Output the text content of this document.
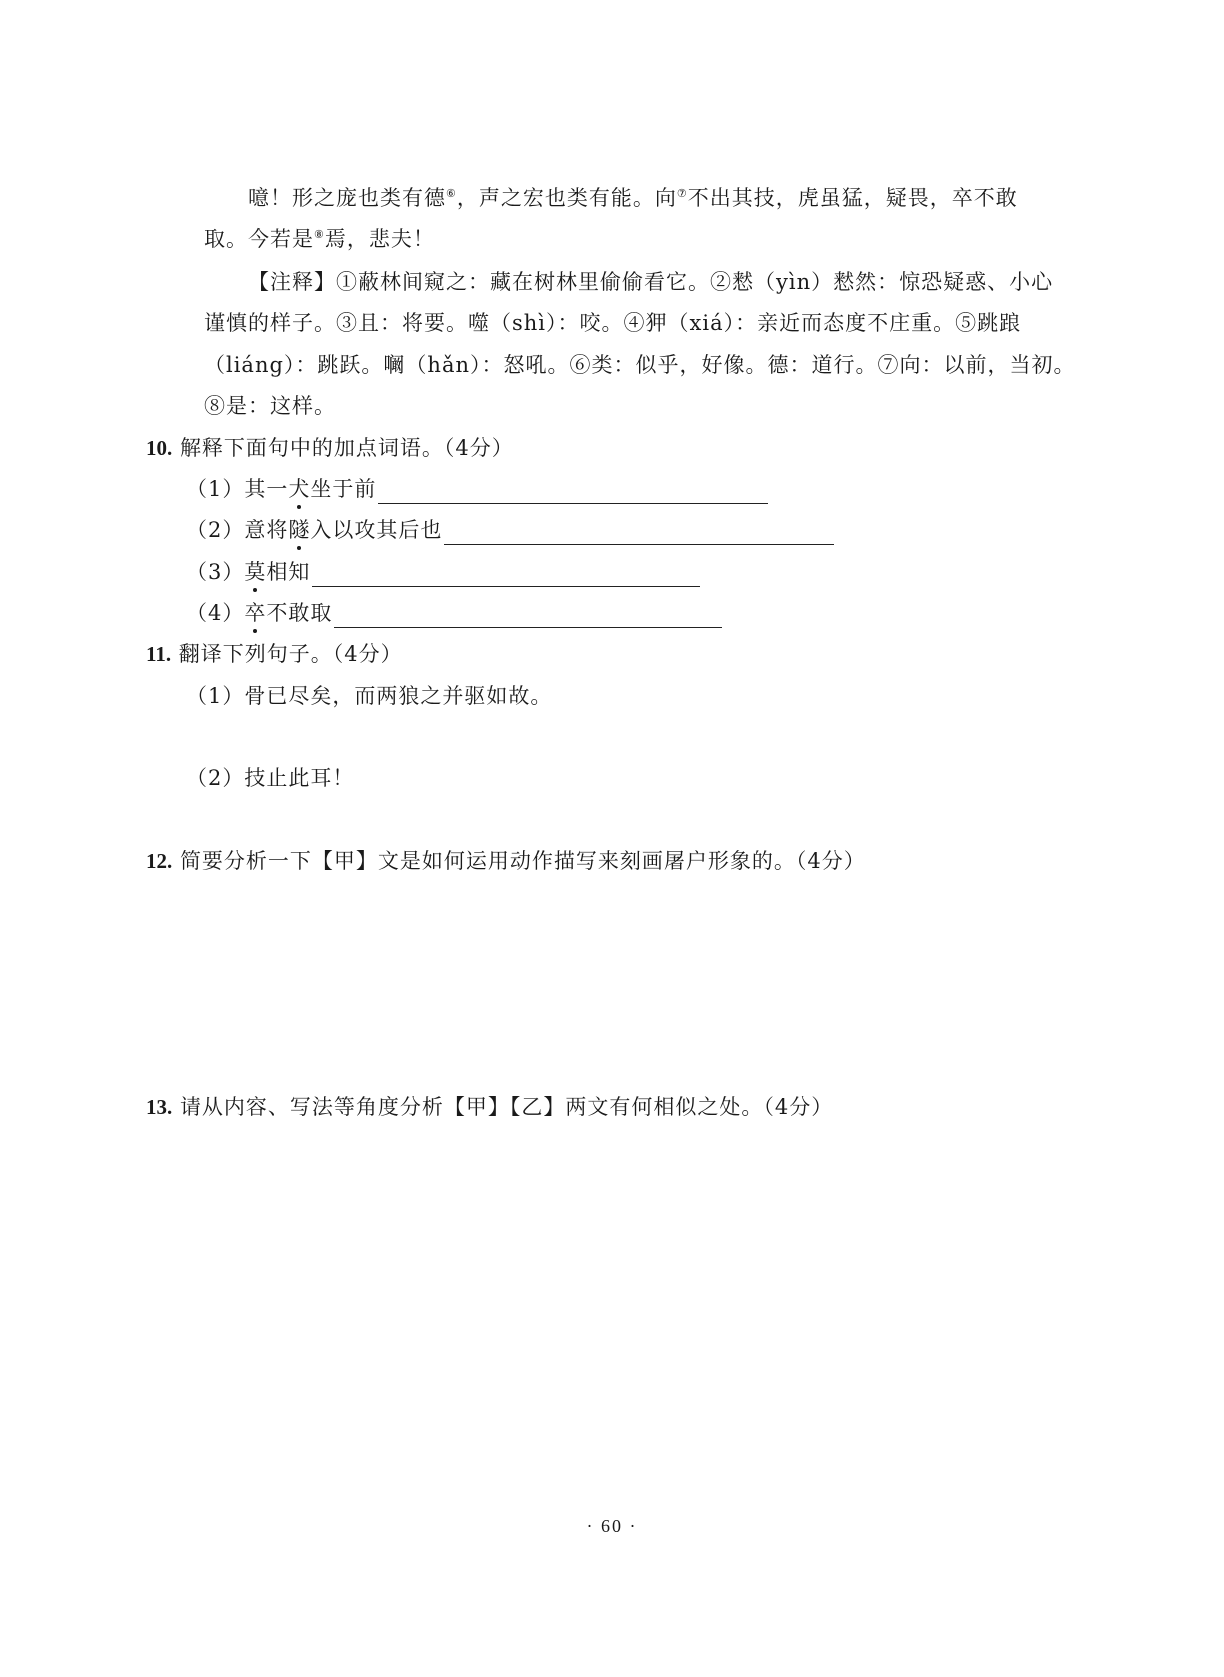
噫！形之庞也类有德⑥，声之宏也类有能。向⑦不出其技，虎虽猛，疑畏，卒不敢
取。今若是⑧焉，悲夫！
【注释】①蔽林间窥之：藏在树林里偷偷看它。②慭（yìn）慭然：惊恐疑惑、小心
谨慎的样子。③且：将要。噬（shì）：咬。④狎（xiá）：亲近而态度不庄重。⑤跳踉
（liáng）：跳跃。㘎（hǎn）：怒吼。⑥类：似乎，好像。德：道行。⑦向：以前，当初。
⑧是：这样。
10. 解释下面句中的加点词语。（4分）
（1）其一犬坐于前
（2）意将隧入以攻其后也
（3）莫相知
（4）卒不敢取
11. 翻译下列句子。（4分）
（1）骨已尽矣，而两狼之并驱如故。
（2）技止此耳！
12. 简要分析一下【甲】文是如何运用动作描写来刻画屠户形象的。（4分）
13. 请从内容、写法等角度分析【甲】【乙】两文有何相似之处。（4分）
· 60 ·
